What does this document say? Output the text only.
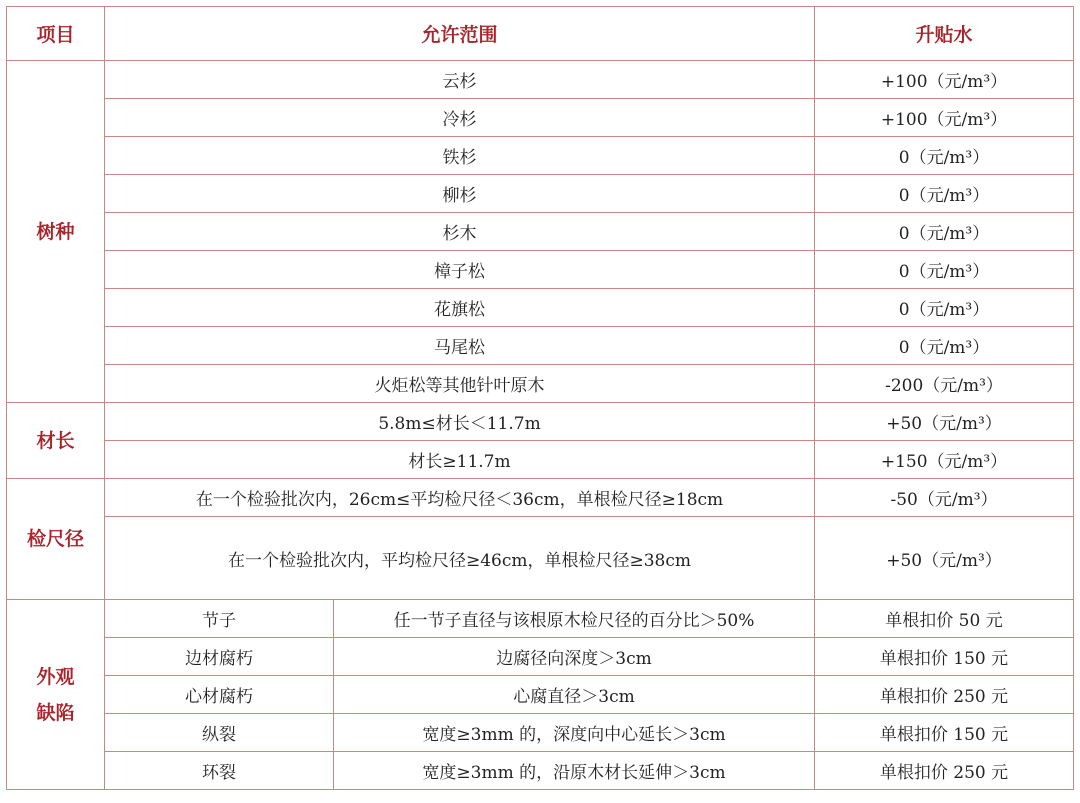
项目	允许范围		升贴水
树种	云杉		+100（元/m³）
	冷杉		+100（元/m³）
	铁杉		0（元/m³）
	柳杉		0（元/m³）
	杉木		0（元/m³）
	樟子松		0（元/m³）
	花旗松		0（元/m³）
	马尾松		0（元/m³）
	火炬松等其他针叶原木		-200（元/m³）
材长	5.8m≤材长＜11.7m		+50（元/m³）
	材长≥11.7m		+150（元/m³）
检尺径	在一个检验批次内，26cm≤平均检尺径＜36cm，单根检尺径≥18cm		-50（元/m³）
	在一个检验批次内，平均检尺径≥46cm，单根检尺径≥38cm		+50（元/m³）
外观缺陷	节子	任一节子直径与该根原木检尺径的百分比＞50%	单根扣价 50 元
	边材腐朽	边腐径向深度＞3cm	单根扣价 150 元
	心材腐朽	心腐直径＞3cm	单根扣价 250 元
	纵裂	宽度≥3mm 的，深度向中心延长＞3cm	单根扣价 150 元
	环裂	宽度≥3mm 的，沿原木材长延伸＞3cm	单根扣价 250 元
